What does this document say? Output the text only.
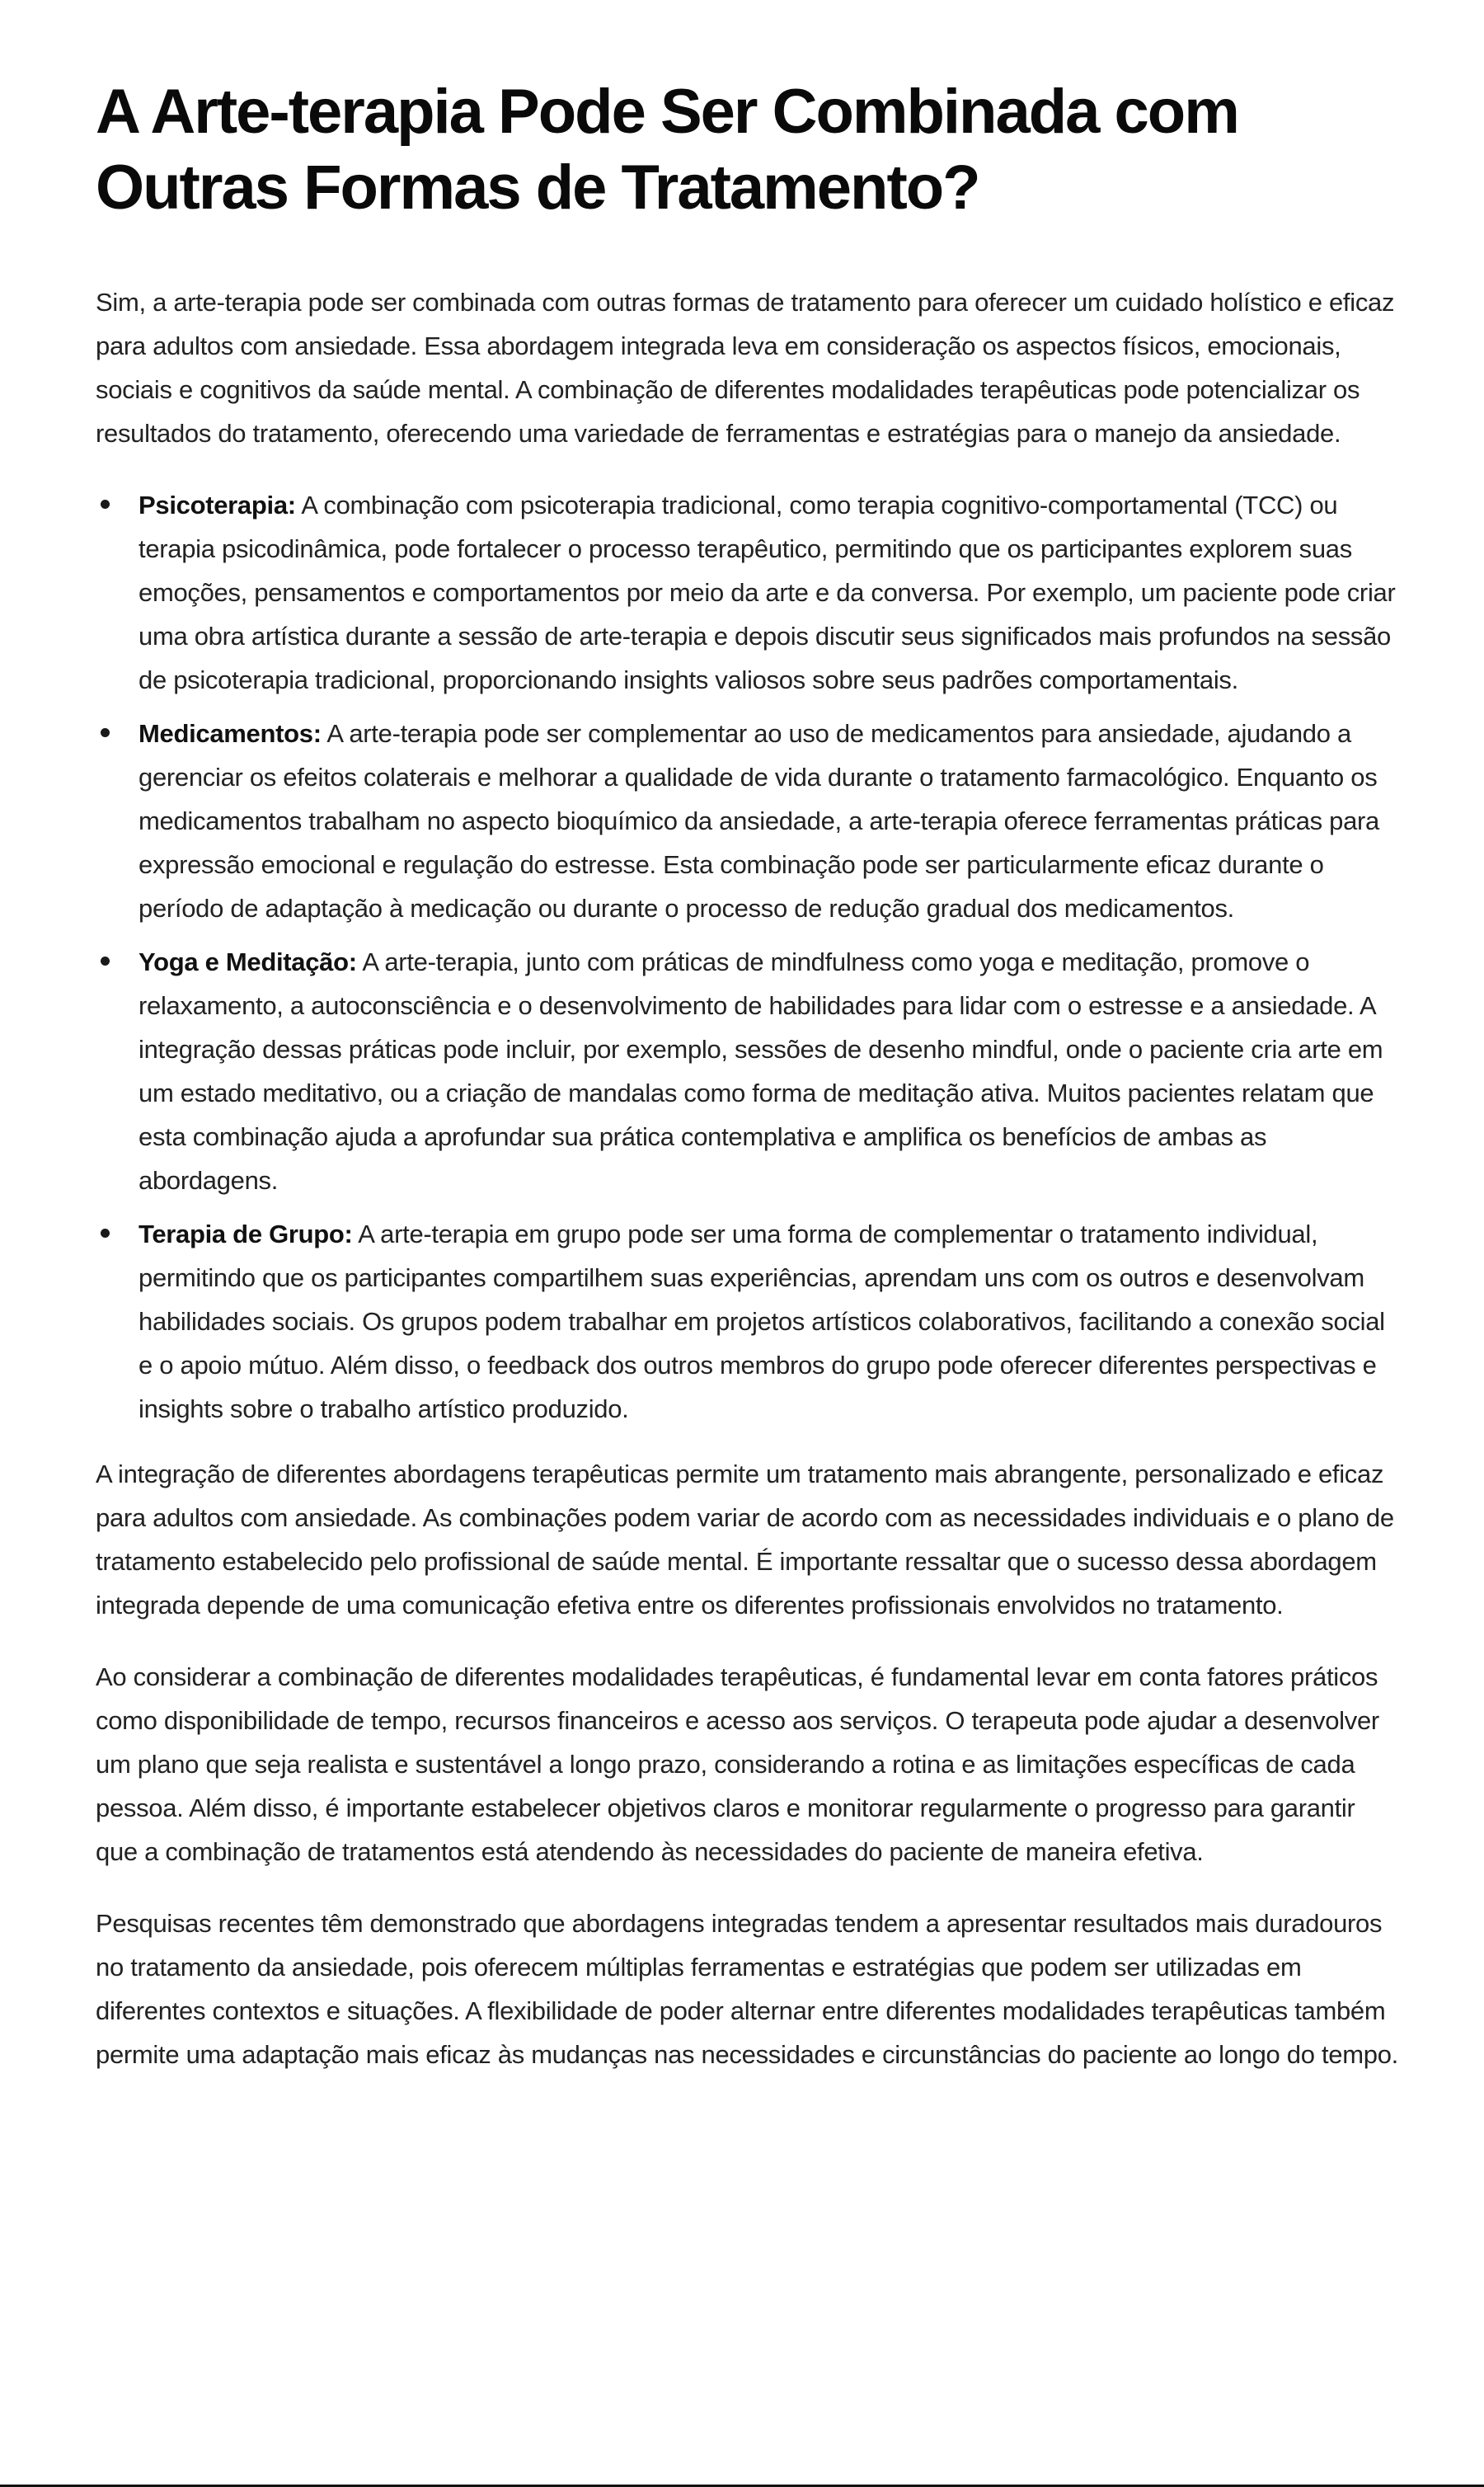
A Arte-terapia Pode Ser Combinada com Outras Formas de Tratamento?

Sim, a arte-terapia pode ser combinada com outras formas de tratamento para oferecer um cuidado holístico e eficaz para adultos com ansiedade. Essa abordagem integrada leva em consideração os aspectos físicos, emocionais, sociais e cognitivos da saúde mental. A combinação de diferentes modalidades terapêuticas pode potencializar os resultados do tratamento, oferecendo uma variedade de ferramentas e estratégias para o manejo da ansiedade.

Psicoterapia: A combinação com psicoterapia tradicional, como terapia cognitivo-comportamental (TCC) ou terapia psicodinâmica, pode fortalecer o processo terapêutico, permitindo que os participantes explorem suas emoções, pensamentos e comportamentos por meio da arte e da conversa. Por exemplo, um paciente pode criar uma obra artística durante a sessão de arte-terapia e depois discutir seus significados mais profundos na sessão de psicoterapia tradicional, proporcionando insights valiosos sobre seus padrões comportamentais.
Medicamentos: A arte-terapia pode ser complementar ao uso de medicamentos para ansiedade, ajudando a gerenciar os efeitos colaterais e melhorar a qualidade de vida durante o tratamento farmacológico. Enquanto os medicamentos trabalham no aspecto bioquímico da ansiedade, a arte-terapia oferece ferramentas práticas para expressão emocional e regulação do estresse. Esta combinação pode ser particularmente eficaz durante o período de adaptação à medicação ou durante o processo de redução gradual dos medicamentos.
Yoga e Meditação: A arte-terapia, junto com práticas de mindfulness como yoga e meditação, promove o relaxamento, a autoconsciência e o desenvolvimento de habilidades para lidar com o estresse e a ansiedade. A integração dessas práticas pode incluir, por exemplo, sessões de desenho mindful, onde o paciente cria arte em um estado meditativo, ou a criação de mandalas como forma de meditação ativa. Muitos pacientes relatam que esta combinação ajuda a aprofundar sua prática contemplativa e amplifica os benefícios de ambas as abordagens.
Terapia de Grupo: A arte-terapia em grupo pode ser uma forma de complementar o tratamento individual, permitindo que os participantes compartilhem suas experiências, aprendam uns com os outros e desenvolvam habilidades sociais. Os grupos podem trabalhar em projetos artísticos colaborativos, facilitando a conexão social e o apoio mútuo. Além disso, o feedback dos outros membros do grupo pode oferecer diferentes perspectivas e insights sobre o trabalho artístico produzido.

A integração de diferentes abordagens terapêuticas permite um tratamento mais abrangente, personalizado e eficaz para adultos com ansiedade. As combinações podem variar de acordo com as necessidades individuais e o plano de tratamento estabelecido pelo profissional de saúde mental. É importante ressaltar que o sucesso dessa abordagem integrada depende de uma comunicação efetiva entre os diferentes profissionais envolvidos no tratamento.

Ao considerar a combinação de diferentes modalidades terapêuticas, é fundamental levar em conta fatores práticos como disponibilidade de tempo, recursos financeiros e acesso aos serviços. O terapeuta pode ajudar a desenvolver um plano que seja realista e sustentável a longo prazo, considerando a rotina e as limitações específicas de cada pessoa. Além disso, é importante estabelecer objetivos claros e monitorar regularmente o progresso para garantir que a combinação de tratamentos está atendendo às necessidades do paciente de maneira efetiva.

Pesquisas recentes têm demonstrado que abordagens integradas tendem a apresentar resultados mais duradouros no tratamento da ansiedade, pois oferecem múltiplas ferramentas e estratégias que podem ser utilizadas em diferentes contextos e situações. A flexibilidade de poder alternar entre diferentes modalidades terapêuticas também permite uma adaptação mais eficaz às mudanças nas necessidades e circunstâncias do paciente ao longo do tempo.
